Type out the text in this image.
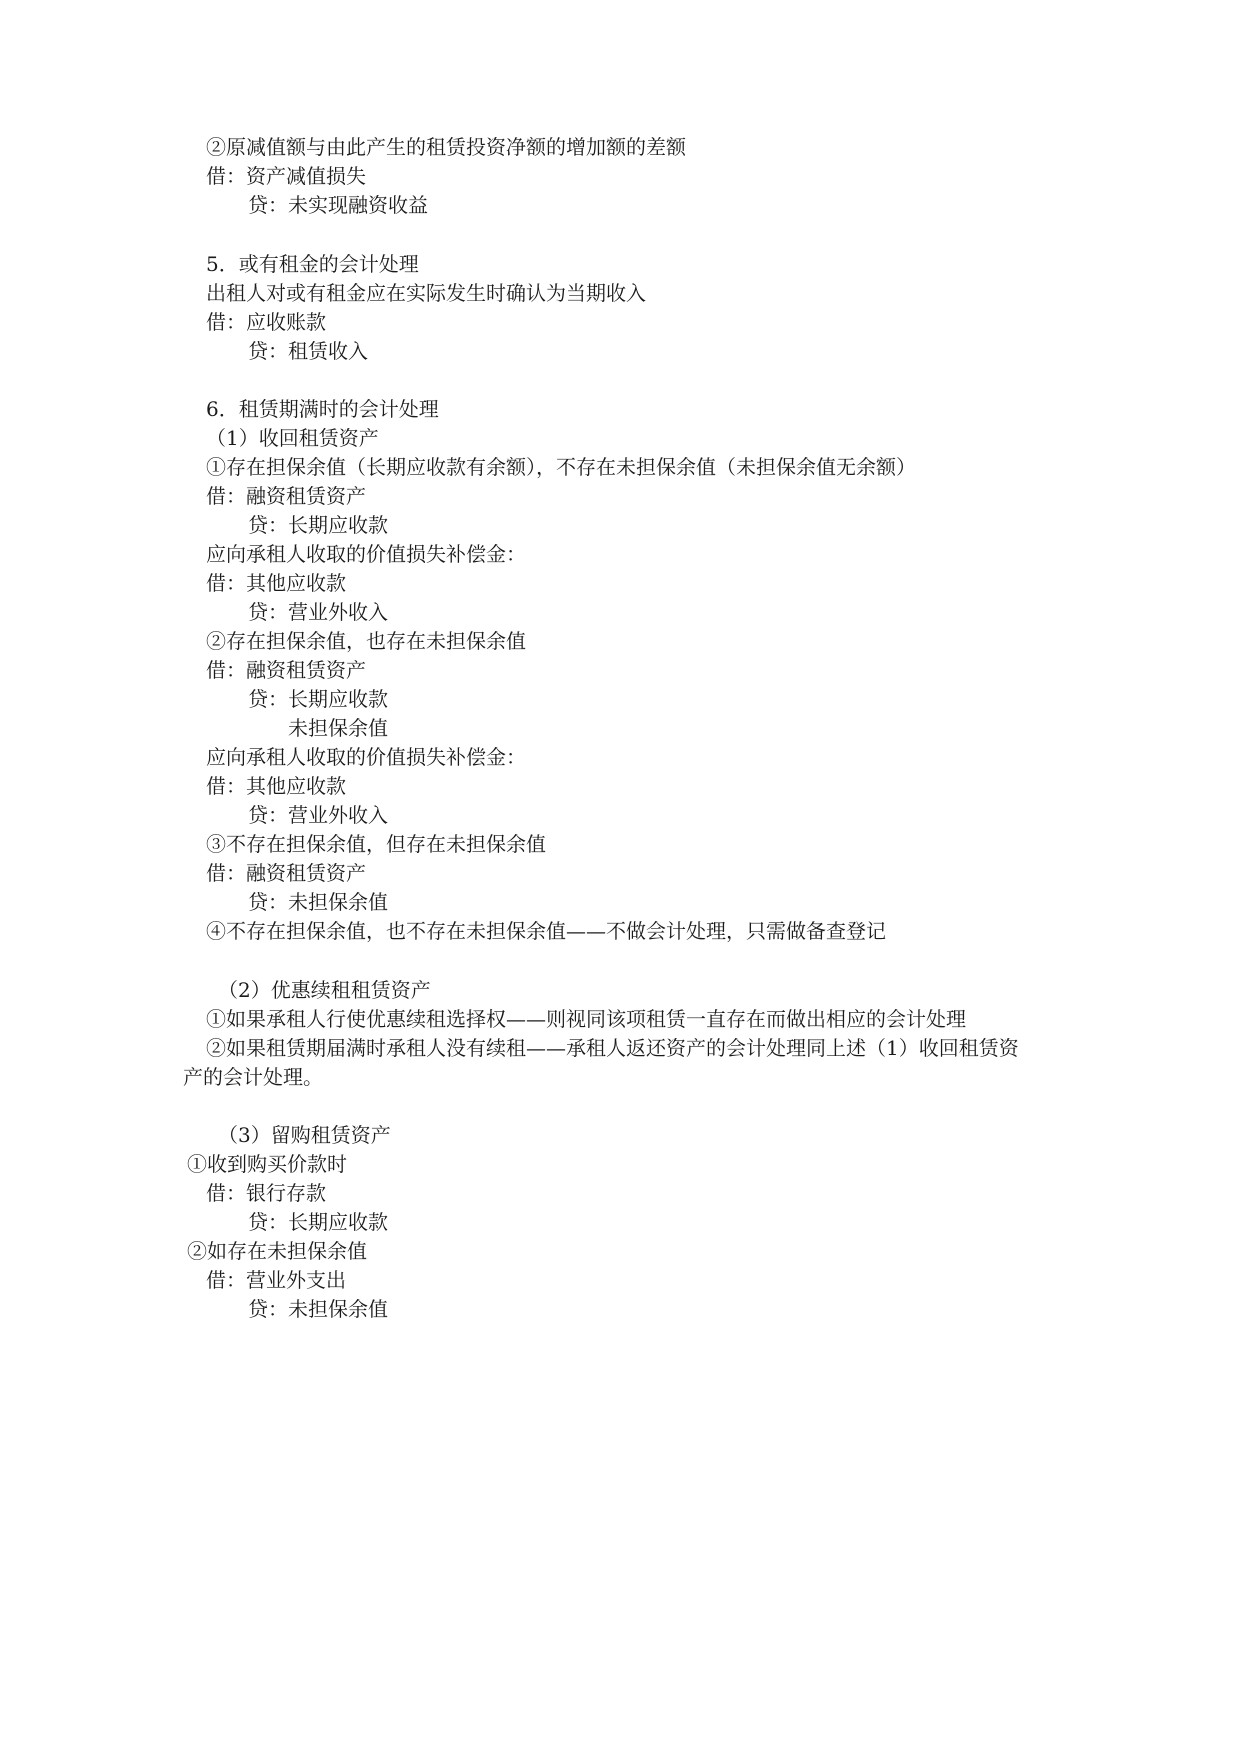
②原减值额与由此产生的租赁投资净额的增加额的差额
借：资产减值损失
贷：未实现融资收益
5．或有租金的会计处理
出租人对或有租金应在实际发生时确认为当期收入
借：应收账款
贷：租赁收入
6．租赁期满时的会计处理
（1）收回租赁资产
①存在担保余值（长期应收款有余额），不存在未担保余值（未担保余值无余额）
借：融资租赁资产
贷：长期应收款
应向承租人收取的价值损失补偿金：
借：其他应收款
贷：营业外收入
②存在担保余值，也存在未担保余值
借：融资租赁资产
贷：长期应收款
未担保余值
应向承租人收取的价值损失补偿金：
借：其他应收款
贷：营业外收入
③不存在担保余值，但存在未担保余值
借：融资租赁资产
贷：未担保余值
④不存在担保余值，也不存在未担保余值——不做会计处理，只需做备查登记
（2）优惠续租租赁资产
①如果承租人行使优惠续租选择权——则视同该项租赁一直存在而做出相应的会计处理
②如果租赁期届满时承租人没有续租——承租人返还资产的会计处理同上述（1）收回租赁资
产的会计处理。
（3）留购租赁资产
①收到购买价款时
借：银行存款
贷：长期应收款
②如存在未担保余值
借：营业外支出
贷：未担保余值
